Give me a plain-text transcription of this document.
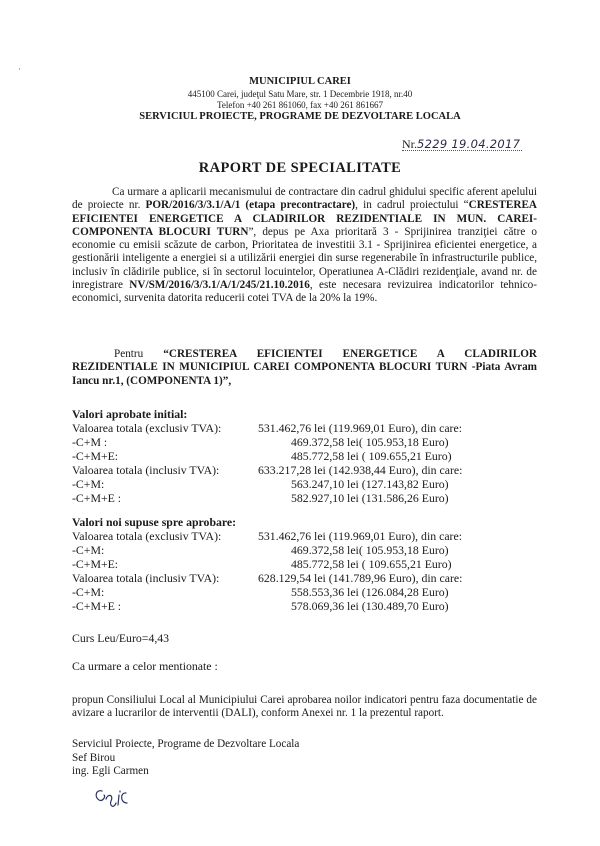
·
MUNICIPIUL CAREI
445100 Carei, judeţul Satu Mare, str. 1 Decembrie 1918, nr.40
Telefon +40 261 861060, fax +40 261 861667
SERVICIUL PROIECTE, PROGRAME DE DEZVOLTARE LOCALA
Nr.5229 19.04.2017
RAPORT DE SPECIALITATE
Ca urmare a aplicarii mecanismului de contractare din cadrul ghidului specific aferent apelului de proiecte nr. POR/2016/3/3.1/A/1 (etapa precontractare), in cadrul proiectului “CRESTEREA EFICIENTEI ENERGETICE A CLADIRILOR REZIDENTIALE IN MUN. CAREI- COMPONENTA BLOCURI TURN”, depus pe Axa prioritară 3 - Sprijinirea tranziţiei către o economie cu emisii scăzute de carbon, Prioritatea de investitii 3.1 - Sprijinirea eficientei energetice, a gestionării inteligente a energiei si a utilizării energiei din surse regenerabile în infrastructurile publice, inclusiv în clădirile publice, si în sectorul locuintelor, Operatiunea A-Clădiri rezidenţiale, avand nr. de inregistrare NV/SM/2016/3/3.1/A/1/245/21.10.2016, este necesara revizuirea indicatorilor tehnico-economici, survenita datorita reducerii cotei TVA de la 20% la 19%.
Pentru “CRESTEREA EFICIENTEI ENERGETICE A CLADIRILOR REZIDENTIALE IN MUNICIPIUL CAREI COMPONENTA BLOCURI TURN -Piata Avram Iancu nr.1, (COMPONENTA 1)”,
Valori aprobate initial:
Valoarea totala (exclusiv TVA):	531.462,76 lei (119.969,01 Euro), din care:
-C+M :	469.372,58 lei( 105.953,18 Euro)
-C+M+E:	485.772,58 lei ( 109.655,21 Euro)
Valoarea totala (inclusiv TVA):	633.217,28 lei (142.938,44 Euro), din care:
-C+M:	563.247,10 lei (127.143,82 Euro)
-C+M+E :	582.927,10 lei (131.586,26 Euro)
Valori noi supuse spre aprobare:
Valoarea totala (exclusiv TVA):	531.462,76 lei (119.969,01 Euro), din care:
-C+M:	469.372,58 lei( 105.953,18 Euro)
-C+M+E:	485.772,58 lei ( 109.655,21 Euro)
Valoarea totala (inclusiv TVA):	628.129,54 lei (141.789,96 Euro), din care:
-C+M:	558.553,36 lei (126.084,28 Euro)
-C+M+E :	578.069,36 lei (130.489,70 Euro)
Curs Leu/Euro=4,43
Ca urmare a celor mentionate :
propun Consiliului Local al Municipiului Carei aprobarea noilor indicatori pentru faza documentatie de avizare a lucrarilor de interventii (DALI), conform Anexei nr. 1 la prezentul raport.
Serviciul Proiecte, Programe de Dezvoltare Locala
Sef Birou
ing. Egli Carmen
